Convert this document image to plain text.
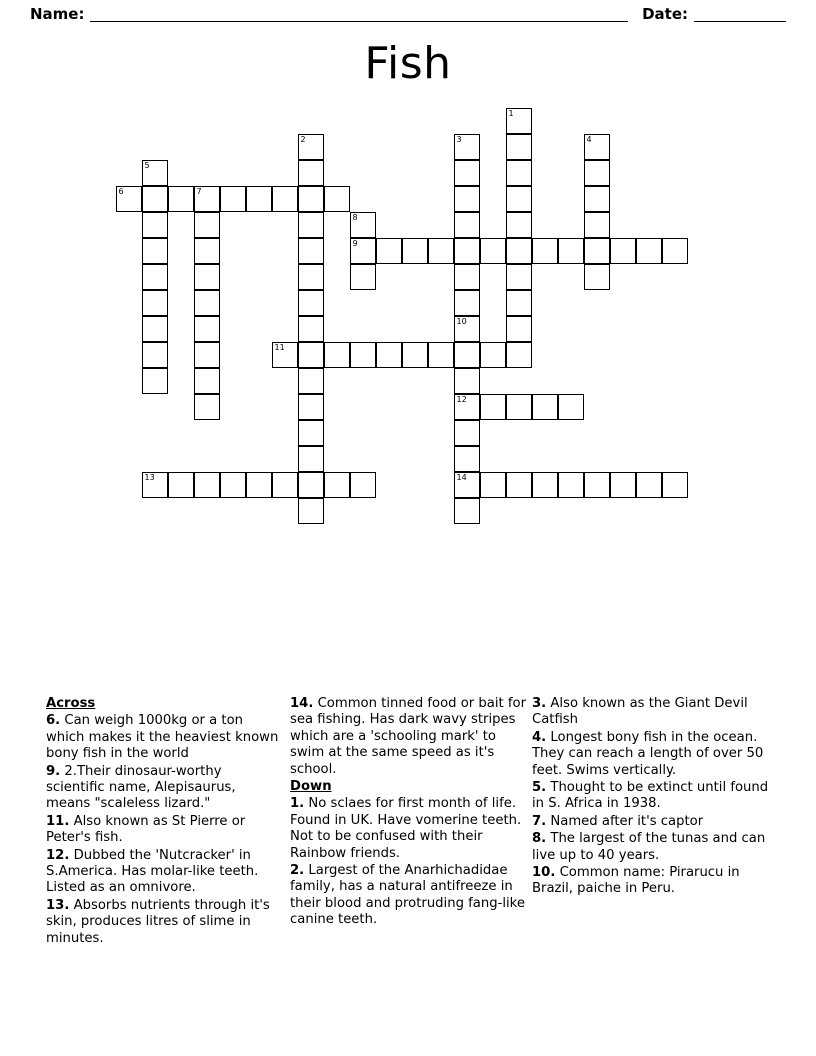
Name:	Date:
Fish
1
2	3	4
5
6	7
8
9
10
11
12
13	14
Across
6. Can weigh 1000kg or a ton which makes it the heaviest known bony fish in the world
9. 2.Their dinosaur-worthy scientific name, Alepisaurus, means "scaleless lizard."
11. Also known as St Pierre or Peter's fish.
12. Dubbed the 'Nutcracker' in S.America. Has molar-like teeth. Listed as an omnivore.
13. Absorbs nutrients through it's skin, produces litres of slime in minutes.
14. Common tinned food or bait for sea fishing. Has dark wavy stripes which are a 'schooling mark' to swim at the same speed as it's school.
Down
1. No sclaes for first month of life. Found in UK. Have vomerine teeth. Not to be confused with their Rainbow friends.
2. Largest of the Anarhichadidae family, has a natural antifreeze in their blood and protruding fang-like canine teeth.
3. Also known as the Giant Devil Catfish
4. Longest bony fish in the ocean. They can reach a length of over 50 feet. Swims vertically.
5. Thought to be extinct until found in S. Africa in 1938.
7. Named after it's captor
8. The largest of the tunas and can live up to 40 years.
10. Common name: Pirarucu in Brazil, paiche in Peru.
